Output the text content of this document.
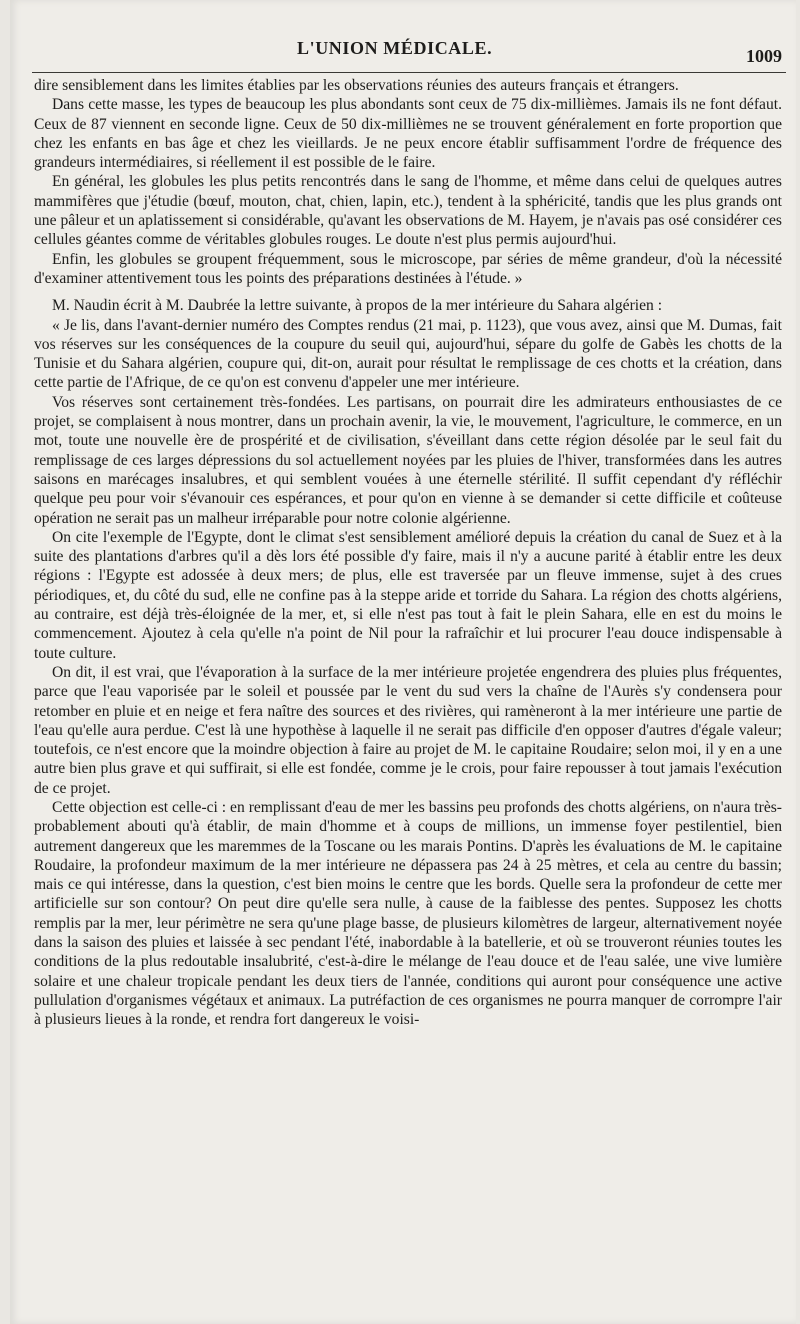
L'UNION MÉDICALE.	1009

dire sensiblement dans les limites établies par les observations réunies des auteurs français et étrangers.

Dans cette masse, les types de beaucoup les plus abondants sont ceux de 75 dix-millièmes. Jamais ils ne font défaut. Ceux de 87 viennent en seconde ligne. Ceux de 50 dix-millièmes ne se trouvent généralement en forte proportion que chez les enfants en bas âge et chez les vieillards. Je ne peux encore établir suffisamment l'ordre de fréquence des grandeurs intermédiaires, si réellement il est possible de le faire.

En général, les globules les plus petits rencontrés dans le sang de l'homme, et même dans celui de quelques autres mammifères que j'étudie (bœuf, mouton, chat, chien, lapin, etc.), tendent à la sphéricité, tandis que les plus grands ont une pâleur et un aplatissement si considérable, qu'avant les observations de M. Hayem, je n'avais pas osé considérer ces cellules géantes comme de véritables globules rouges. Le doute n'est plus permis aujourd'hui.

Enfin, les globules se groupent fréquemment, sous le microscope, par séries de même grandeur, d'où la nécessité d'examiner attentivement tous les points des préparations destinées à l'étude. »

M. Naudin écrit à M. Daubrée la lettre suivante, à propos de la mer intérieure du Sahara algérien :

« Je lis, dans l'avant-dernier numéro des Comptes rendus (21 mai, p. 1123), que vous avez, ainsi que M. Dumas, fait vos réserves sur les conséquences de la coupure du seuil qui, aujourd'hui, sépare du golfe de Gabès les chotts de la Tunisie et du Sahara algérien, coupure qui, dit-on, aurait pour résultat le remplissage de ces chotts et la création, dans cette partie de l'Afrique, de ce qu'on est convenu d'appeler une mer intérieure.

Vos réserves sont certainement très-fondées. Les partisans, on pourrait dire les admirateurs enthousiastes de ce projet, se complaisent à nous montrer, dans un prochain avenir, la vie, le mouvement, l'agriculture, le commerce, en un mot, toute une nouvelle ère de prospérité et de civilisation, s'éveillant dans cette région désolée par le seul fait du remplissage de ces larges dépressions du sol actuellement noyées par les pluies de l'hiver, transformées dans les autres saisons en marécages insalubres, et qui semblent vouées à une éternelle stérilité. Il suffit cependant d'y réfléchir quelque peu pour voir s'évanouir ces espérances, et pour qu'on en vienne à se demander si cette difficile et coûteuse opération ne serait pas un malheur irréparable pour notre colonie algérienne.

On cite l'exemple de l'Egypte, dont le climat s'est sensiblement amélioré depuis la création du canal de Suez et à la suite des plantations d'arbres qu'il a dès lors été possible d'y faire, mais il n'y a aucune parité à établir entre les deux régions : l'Egypte est adossée à deux mers; de plus, elle est traversée par un fleuve immense, sujet à des crues périodiques, et, du côté du sud, elle ne confine pas à la steppe aride et torride du Sahara. La région des chotts algériens, au contraire, est déjà très-éloignée de la mer, et, si elle n'est pas tout à fait le plein Sahara, elle en est du moins le commencement. Ajoutez à cela qu'elle n'a point de Nil pour la rafraîchir et lui procurer l'eau douce indispensable à toute culture.

On dit, il est vrai, que l'évaporation à la surface de la mer intérieure projetée engendrera des pluies plus fréquentes, parce que l'eau vaporisée par le soleil et poussée par le vent du sud vers la chaîne de l'Aurès s'y condensera pour retomber en pluie et en neige et fera naître des sources et des rivières, qui ramèneront à la mer intérieure une partie de l'eau qu'elle aura perdue. C'est là une hypothèse à laquelle il ne serait pas difficile d'en opposer d'autres d'égale valeur; toutefois, ce n'est encore que la moindre objection à faire au projet de M. le capitaine Roudaire; selon moi, il y en a une autre bien plus grave et qui suffirait, si elle est fondée, comme je le crois, pour faire repousser à tout jamais l'exécution de ce projet.

Cette objection est celle-ci : en remplissant d'eau de mer les bassins peu profonds des chotts algériens, on n'aura très-probablement abouti qu'à établir, de main d'homme et à coups de millions, un immense foyer pestilentiel, bien autrement dangereux que les maremmes de la Toscane ou les marais Pontins. D'après les évaluations de M. le capitaine Roudaire, la profondeur maximum de la mer intérieure ne dépassera pas 24 à 25 mètres, et cela au centre du bassin; mais ce qui intéresse, dans la question, c'est bien moins le centre que les bords. Quelle sera la profondeur de cette mer artificielle sur son contour? On peut dire qu'elle sera nulle, à cause de la faiblesse des pentes. Supposez les chotts remplis par la mer, leur périmètre ne sera qu'une plage basse, de plusieurs kilomètres de largeur, alternativement noyée dans la saison des pluies et laissée à sec pendant l'été, inabordable à la batellerie, et où se trouveront réunies toutes les conditions de la plus redoutable insalubrité, c'est-à-dire le mélange de l'eau douce et de l'eau salée, une vive lumière solaire et une chaleur tropicale pendant les deux tiers de l'année, conditions qui auront pour conséquence une active pullulation d'organismes végétaux et animaux. La putréfaction de ces organismes ne pourra manquer de corrompre l'air à plusieurs lieues à la ronde, et rendra fort dangereux le voisi-
